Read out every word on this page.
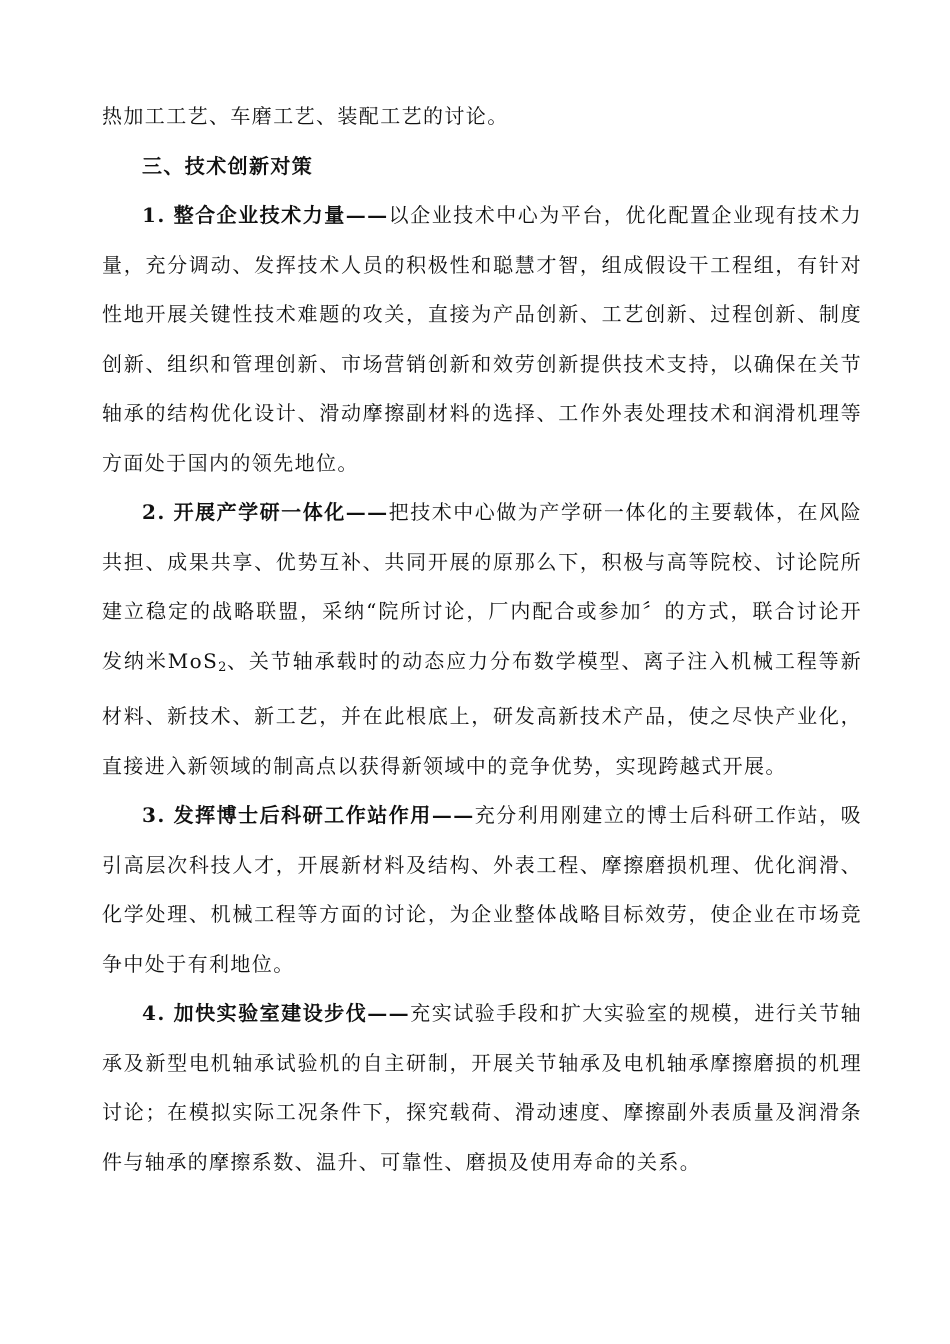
热加工工艺、车磨工艺、装配工艺的讨论。

三、技术创新对策

1. 整合企业技术力量——以企业技术中心为平台，优化配置企业现有技术力量，充分调动、发挥技术人员的积极性和聪慧才智，组成假设干工程组，有针对性地开展关键性技术难题的攻关，直接为产品创新、工艺创新、过程创新、制度创新、组织和管理创新、市场营销创新和效劳创新提供技术支持，以确保在关节轴承的结构优化设计、滑动摩擦副材料的选择、工作外表处理技术和润滑机理等方面处于国内的领先地位。

2. 开展产学研一体化——把技术中心做为产学研一体化的主要载体，在风险共担、成果共享、优势互补、共同开展的原那么下，积极与高等院校、讨论院所建立稳定的战略联盟，采纳“院所讨论，厂内配合或参加〞的方式，联合讨论开发纳米MoS$_2$、关节轴承载时的动态应力分布数学模型、离子注入机械工程等新材料、新技术、新工艺，并在此根底上，研发高新技术产品，使之尽快产业化，直接进入新领域的制高点以获得新领域中的竞争优势，实现跨越式开展。

3. 发挥博士后科研工作站作用——充分利用刚建立的博士后科研工作站，吸引高层次科技人才，开展新材料及结构、外表工程、摩擦磨损机理、优化润滑、化学处理、机械工程等方面的讨论，为企业整体战略目标效劳，使企业在市场竞争中处于有利地位。

4. 加快实验室建设步伐——充实试验手段和扩大实验室的规模，进行关节轴承及新型电机轴承试验机的自主研制，开展关节轴承及电机轴承摩擦磨损的机理讨论；在模拟实际工况条件下，探究载荷、滑动速度、摩擦副外表质量及润滑条件与轴承的摩擦系数、温升、可靠性、磨损及使用寿命的关系。
